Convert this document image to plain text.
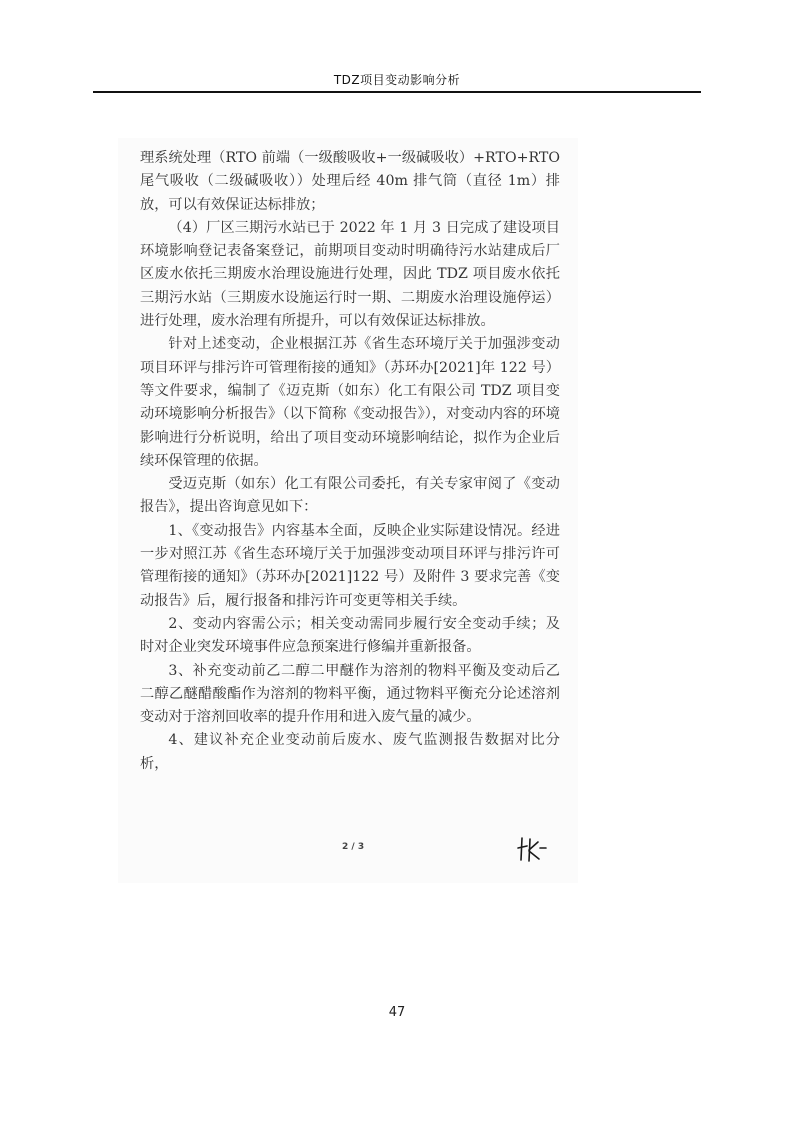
TDZ项目变动影响分析

理系统处理（RTO 前端（一级酸吸收+一级碱吸收）+RTO+RTO 尾气吸收（二级碱吸收））处理后经 40m 排气筒（直径 1m）排放，可以有效保证达标排放；

（4）厂区三期污水站已于 2022 年 1 月 3 日完成了建设项目环境影响登记表备案登记，前期项目变动时明确待污水站建成后厂区废水依托三期废水治理设施进行处理，因此 TDZ 项目废水依托三期污水站（三期废水设施运行时一期、二期废水治理设施停运）进行处理，废水治理有所提升，可以有效保证达标排放。

针对上述变动，企业根据江苏《省生态环境厅关于加强涉变动项目环评与排污许可管理衔接的通知》（苏环办[2021]年 122 号）等文件要求，编制了《迈克斯（如东）化工有限公司 TDZ 项目变动环境影响分析报告》（以下简称《变动报告》），对变动内容的环境影响进行分析说明，给出了项目变动环境影响结论，拟作为企业后续环保管理的依据。

受迈克斯（如东）化工有限公司委托，有关专家审阅了《变动报告》，提出咨询意见如下：

1、《变动报告》内容基本全面，反映企业实际建设情况。经进一步对照江苏《省生态环境厅关于加强涉变动项目环评与排污许可管理衔接的通知》（苏环办[2021]122 号）及附件 3 要求完善《变动报告》后，履行报备和排污许可变更等相关手续。

2、变动内容需公示；相关变动需同步履行安全变动手续；及时对企业突发环境事件应急预案进行修编并重新报备。

3、补充变动前乙二醇二甲醚作为溶剂的物料平衡及变动后乙二醇乙醚醋酸酯作为溶剂的物料平衡，通过物料平衡充分论述溶剂变动对于溶剂回收率的提升作用和进入废气量的减少。

4、建议补充企业变动前后废水、废气监测报告数据对比分析，

2 / 3
47
